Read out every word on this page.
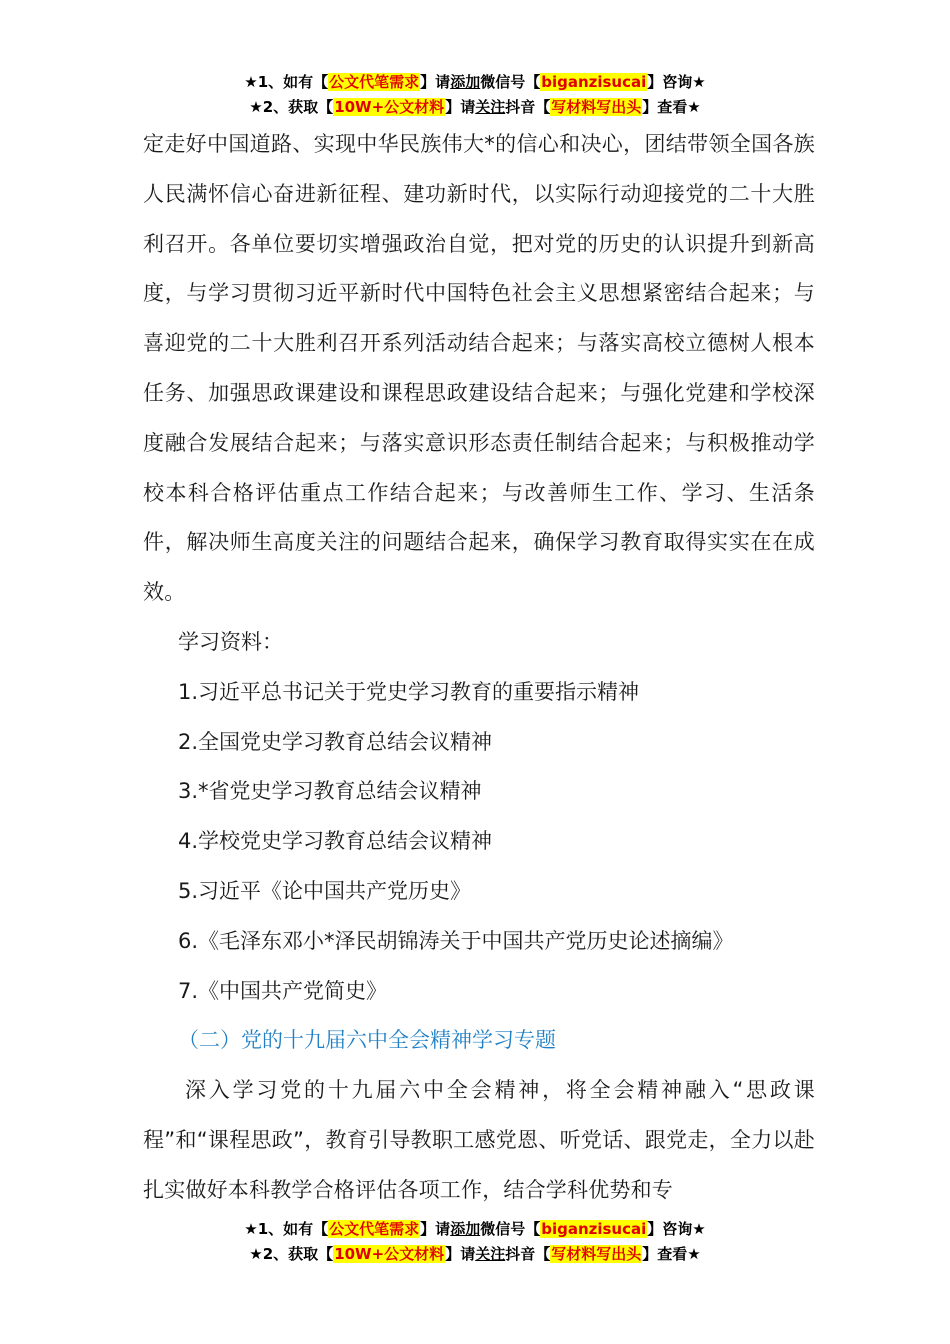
★1、如有【公文代笔需求】请添加微信号【biganzisucai】咨询★
★2、获取【10W+公文材料】请关注抖音【写材料写出头】查看★

定走好中国道路、实现中华民族伟大*的信心和决心，团结带领全国各族人民满怀信心奋进新征程、建功新时代，以实际行动迎接党的二十大胜利召开。各单位要切实增强政治自觉，把对党的历史的认识提升到新高度，与学习贯彻习近平新时代中国特色社会主义思想紧密结合起来；与喜迎党的二十大胜利召开系列活动结合起来；与落实高校立德树人根本任务、加强思政课建设和课程思政建设结合起来；与强化党建和学校深度融合发展结合起来；与落实意识形态责任制结合起来；与积极推动学校本科合格评估重点工作结合起来；与改善师生工作、学习、生活条件，解决师生高度关注的问题结合起来，确保学习教育取得实实在在成效。

学习资料：

1.习近平总书记关于党史学习教育的重要指示精神

2.全国党史学习教育总结会议精神

3.*省党史学习教育总结会议精神

4.学校党史学习教育总结会议精神

5.习近平《论中国共产党历史》

6.《毛泽东邓小*泽民胡锦涛关于中国共产党历史论述摘编》

7.《中国共产党简史》

（二）党的十九届六中全会精神学习专题

深入学习党的十九届六中全会精神，将全会精神融入“思政课程”和“课程思政”，教育引导教职工感党恩、听党话、跟党走，全力以赴扎实做好本科教学合格评估各项工作，结合学科优势和专

★1、如有【公文代笔需求】请添加微信号【biganzisucai】咨询★
★2、获取【10W+公文材料】请关注抖音【写材料写出头】查看★
